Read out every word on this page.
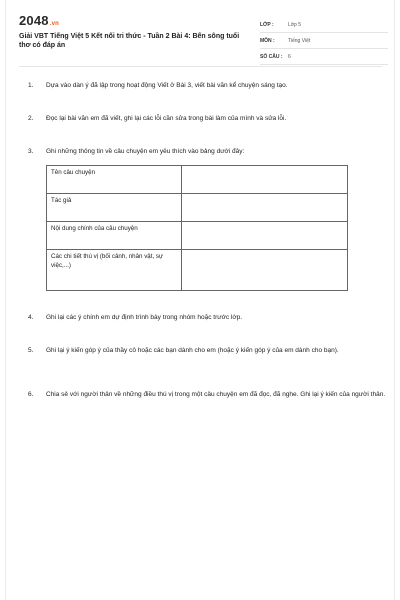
2048.vn
Giải VBT Tiếng Việt 5 Kết nối tri thức - Tuần 2 Bài 4: Bến sông tuổi thơ có đáp án
LỚP :	Lớp 5
MÔN :	Tiếng Việt
SỐ CÂU :	6
1.	Dựa vào dàn ý đã lập trong hoạt động Viết ở Bài 3, viết bài văn kể chuyện sáng tạo.
2.	Đọc lại bài văn em đã viết, ghi lại các lỗi cần sửa trong bài làm của mình và sửa lỗi.
3.	Ghi những thông tin về câu chuyện em yêu thích vào bảng dưới đây:
Tên câu chuyện	
Tác giả	
Nội dung chính của câu chuyện	
Các chi tiết thú vị (bối cảnh, nhân vật, sự việc,...)	
4.	Ghi lại các ý chính em dự định trình bày trong nhóm hoặc trước lớp.
5.	Ghi lại ý kiến góp ý của thầy cô hoặc các bạn dành cho em (hoặc ý kiến góp ý của em dành cho bạn).
6.	Chia sẻ với người thân về những điều thú vị trong một câu chuyện em đã đọc, đã nghe. Ghi lại ý kiến của người thân.
